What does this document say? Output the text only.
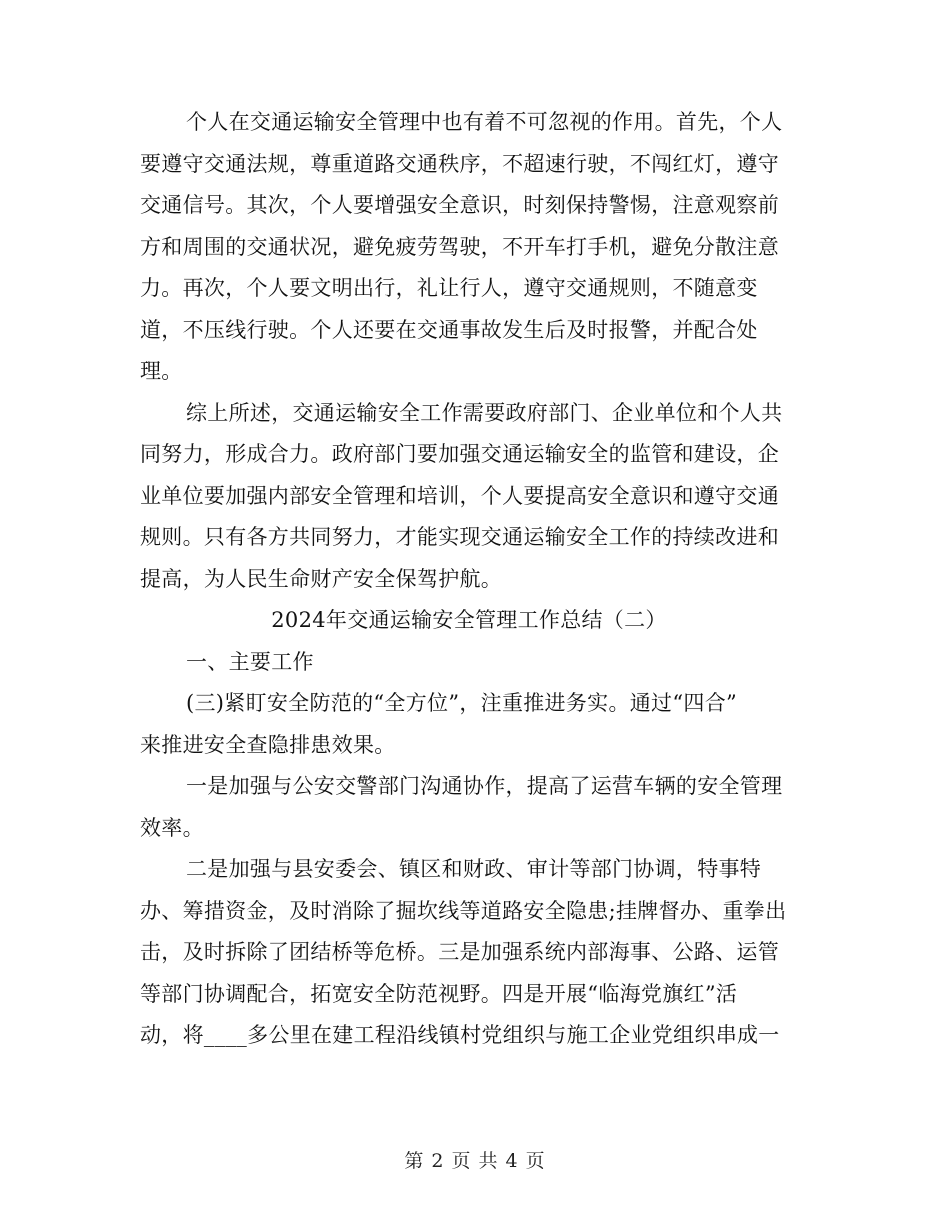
个人在交通运输安全管理中也有着不可忽视的作用。首先，个人
要遵守交通法规，尊重道路交通秩序，不超速行驶，不闯红灯，遵守
交通信号。其次，个人要增强安全意识，时刻保持警惕，注意观察前
方和周围的交通状况，避免疲劳驾驶，不开车打手机，避免分散注意
力。再次，个人要文明出行，礼让行人，遵守交通规则，不随意变
道，不压线行驶。个人还要在交通事故发生后及时报警，并配合处
理。
综上所述，交通运输安全工作需要政府部门、企业单位和个人共
同努力，形成合力。政府部门要加强交通运输安全的监管和建设，企
业单位要加强内部安全管理和培训，个人要提高安全意识和遵守交通
规则。只有各方共同努力，才能实现交通运输安全工作的持续改进和
提高，为人民生命财产安全保驾护航。
2024年交通运输安全管理工作总结（二）
一、主要工作
(三)紧盯安全防范的“全方位”，注重推进务实。通过“四合”
来推进安全查隐排患效果。
一是加强与公安交警部门沟通协作，提高了运营车辆的安全管理
效率。
二是加强与县安委会、镇区和财政、审计等部门协调，特事特
办、筹措资金，及时消除了掘坎线等道路安全隐患;挂牌督办、重拳出
击，及时拆除了团结桥等危桥。三是加强系统内部海事、公路、运管
等部门协调配合，拓宽安全防范视野。四是开展“临海党旗红”活
动，将____多公里在建工程沿线镇村党组织与施工企业党组织串成一
第 2 页 共 4 页
